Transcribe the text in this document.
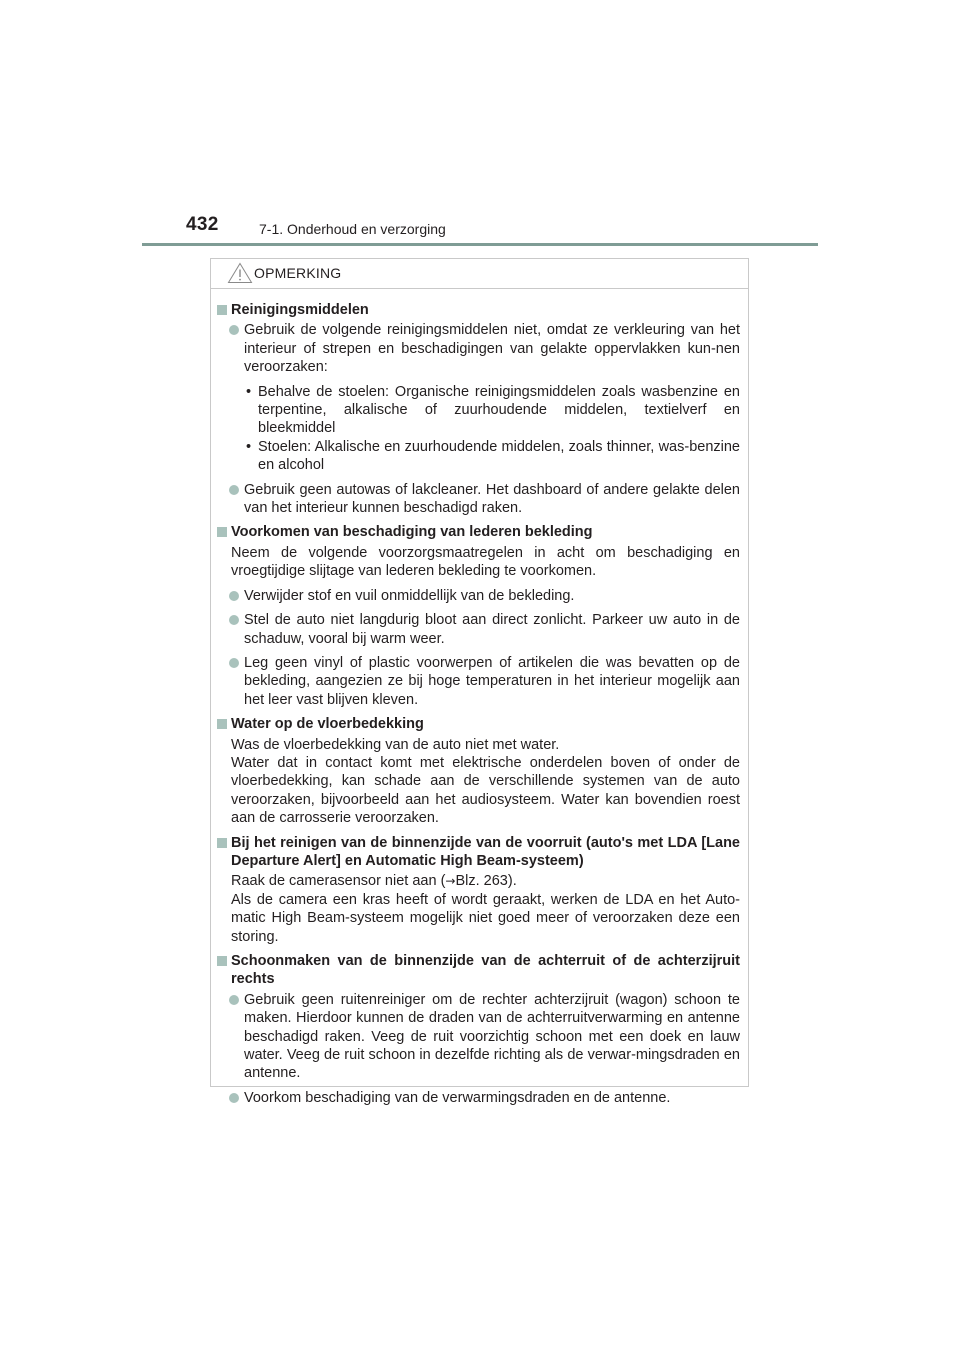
432	7-1. Onderhoud en verzorging
OPMERKING
Reinigingsmiddelen
Gebruik de volgende reinigingsmiddelen niet, omdat ze verkleuring van het interieur of strepen en beschadigingen van gelakte oppervlakken kun-nen veroorzaken:
• Behalve de stoelen: Organische reinigingsmiddelen zoals wasbenzine en terpentine, alkalische of zuurhoudende middelen, textielverf en bleekmiddel
• Stoelen: Alkalische en zuurhoudende middelen, zoals thinner, was-benzine en alcohol
Gebruik geen autowas of lakcleaner. Het dashboard of andere gelakte delen van het interieur kunnen beschadigd raken.
Voorkomen van beschadiging van lederen bekleding
Neem de volgende voorzorgsmaatregelen in acht om beschadiging en vroegtijdige slijtage van lederen bekleding te voorkomen.
Verwijder stof en vuil onmiddellijk van de bekleding.
Stel de auto niet langdurig bloot aan direct zonlicht. Parkeer uw auto in de schaduw, vooral bij warm weer.
Leg geen vinyl of plastic voorwerpen of artikelen die was bevatten op de bekleding, aangezien ze bij hoge temperaturen in het interieur mogelijk aan het leer vast blijven kleven.
Water op de vloerbedekking
Was de vloerbedekking van de auto niet met water.
Water dat in contact komt met elektrische onderdelen boven of onder de vloerbedekking, kan schade aan de verschillende systemen van de auto veroorzaken, bijvoorbeeld aan het audiosysteem. Water kan bovendien roest aan de carrosserie veroorzaken.
Bij het reinigen van de binnenzijde van de voorruit (auto's met LDA [Lane Departure Alert] en Automatic High Beam-systeem)
Raak de camerasensor niet aan (→Blz. 263).
Als de camera een kras heeft of wordt geraakt, werken de LDA en het Auto-matic High Beam-systeem mogelijk niet goed meer of veroorzaken deze een storing.
Schoonmaken van de binnenzijde van de achterruit of de achterzijruit rechts
Gebruik geen ruitenreiniger om de rechter achterzijruit (wagon) schoon te maken. Hierdoor kunnen de draden van de achterruitverwarming en antenne beschadigd raken. Veeg de ruit voorzichtig schoon met een doek en lauw water. Veeg de ruit schoon in dezelfde richting als de verwar-mingsdraden en antenne.
Voorkom beschadiging van de verwarmingsdraden en de antenne.
